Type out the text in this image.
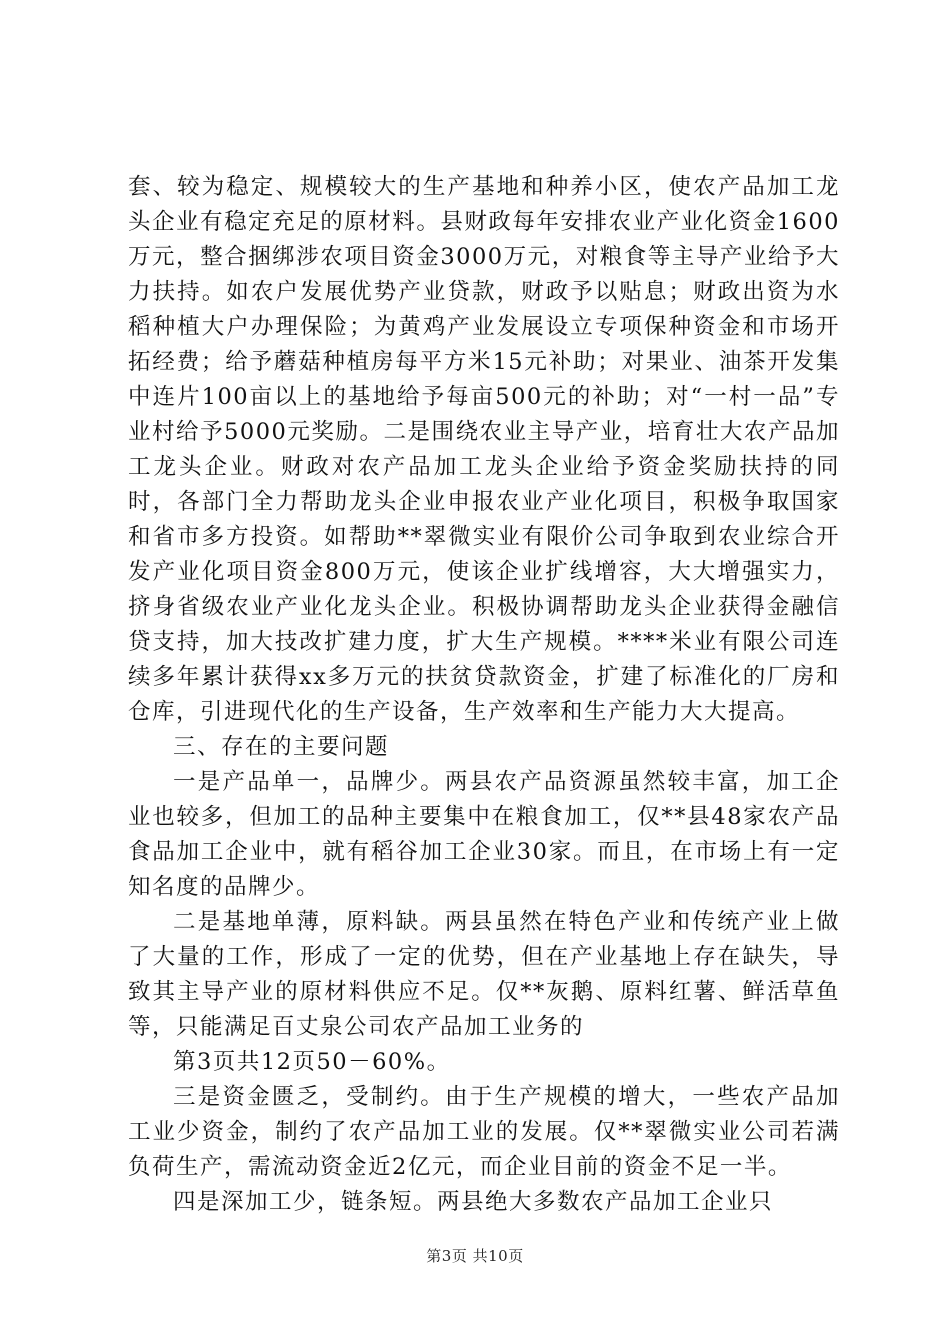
套、较为稳定、规模较大的生产基地和种养小区，使农产品加工龙头企业有稳定充足的原材料。县财政每年安排农业产业化资金1600万元，整合捆绑涉农项目资金3000万元，对粮食等主导产业给予大力扶持。如农户发展优势产业贷款，财政予以贴息；财政出资为水稻种植大户办理保险；为黄鸡产业发展设立专项保种资金和市场开拓经费；给予蘑菇种植房每平方米15元补助；对果业、油茶开发集中连片100亩以上的基地给予每亩500元的补助；对“一村一品”专业村给予5000元奖励。二是围绕农业主导产业，培育壮大农产品加工龙头企业。财政对农产品加工龙头企业给予资金奖励扶持的同时，各部门全力帮助龙头企业申报农业产业化项目，积极争取国家和省市多方投资。如帮助**翠微实业有限价公司争取到农业综合开发产业化项目资金800万元，使该企业扩线增容，大大增强实力，挤身省级农业产业化龙头企业。积极协调帮助龙头企业获得金融信贷支持，加大技改扩建力度，扩大生产规模。****米业有限公司连续多年累计获得xx多万元的扶贫贷款资金，扩建了标准化的厂房和仓库，引进现代化的生产设备，生产效率和生产能力大大提高。

三、存在的主要问题

一是产品单一，品牌少。两县农产品资源虽然较丰富，加工企业也较多，但加工的品种主要集中在粮食加工，仅**县48家农产品食品加工企业中，就有稻谷加工企业30家。而且，在市场上有一定知名度的品牌少。

二是基地单薄，原料缺。两县虽然在特色产业和传统产业上做了大量的工作，形成了一定的优势，但在产业基地上存在缺失，导致其主导产业的原材料供应不足。仅**灰鹅、原料红薯、鲜活草鱼等，只能满足百丈泉公司农产品加工业务的

第3页共12页50－60%。

三是资金匮乏，受制约。由于生产规模的增大，一些农产品加工业少资金，制约了农产品加工业的发展。仅**翠微实业公司若满负荷生产，需流动资金近2亿元，而企业目前的资金不足一半。

四是深加工少，链条短。两县绝大多数农产品加工企业只

第3页 共10页
